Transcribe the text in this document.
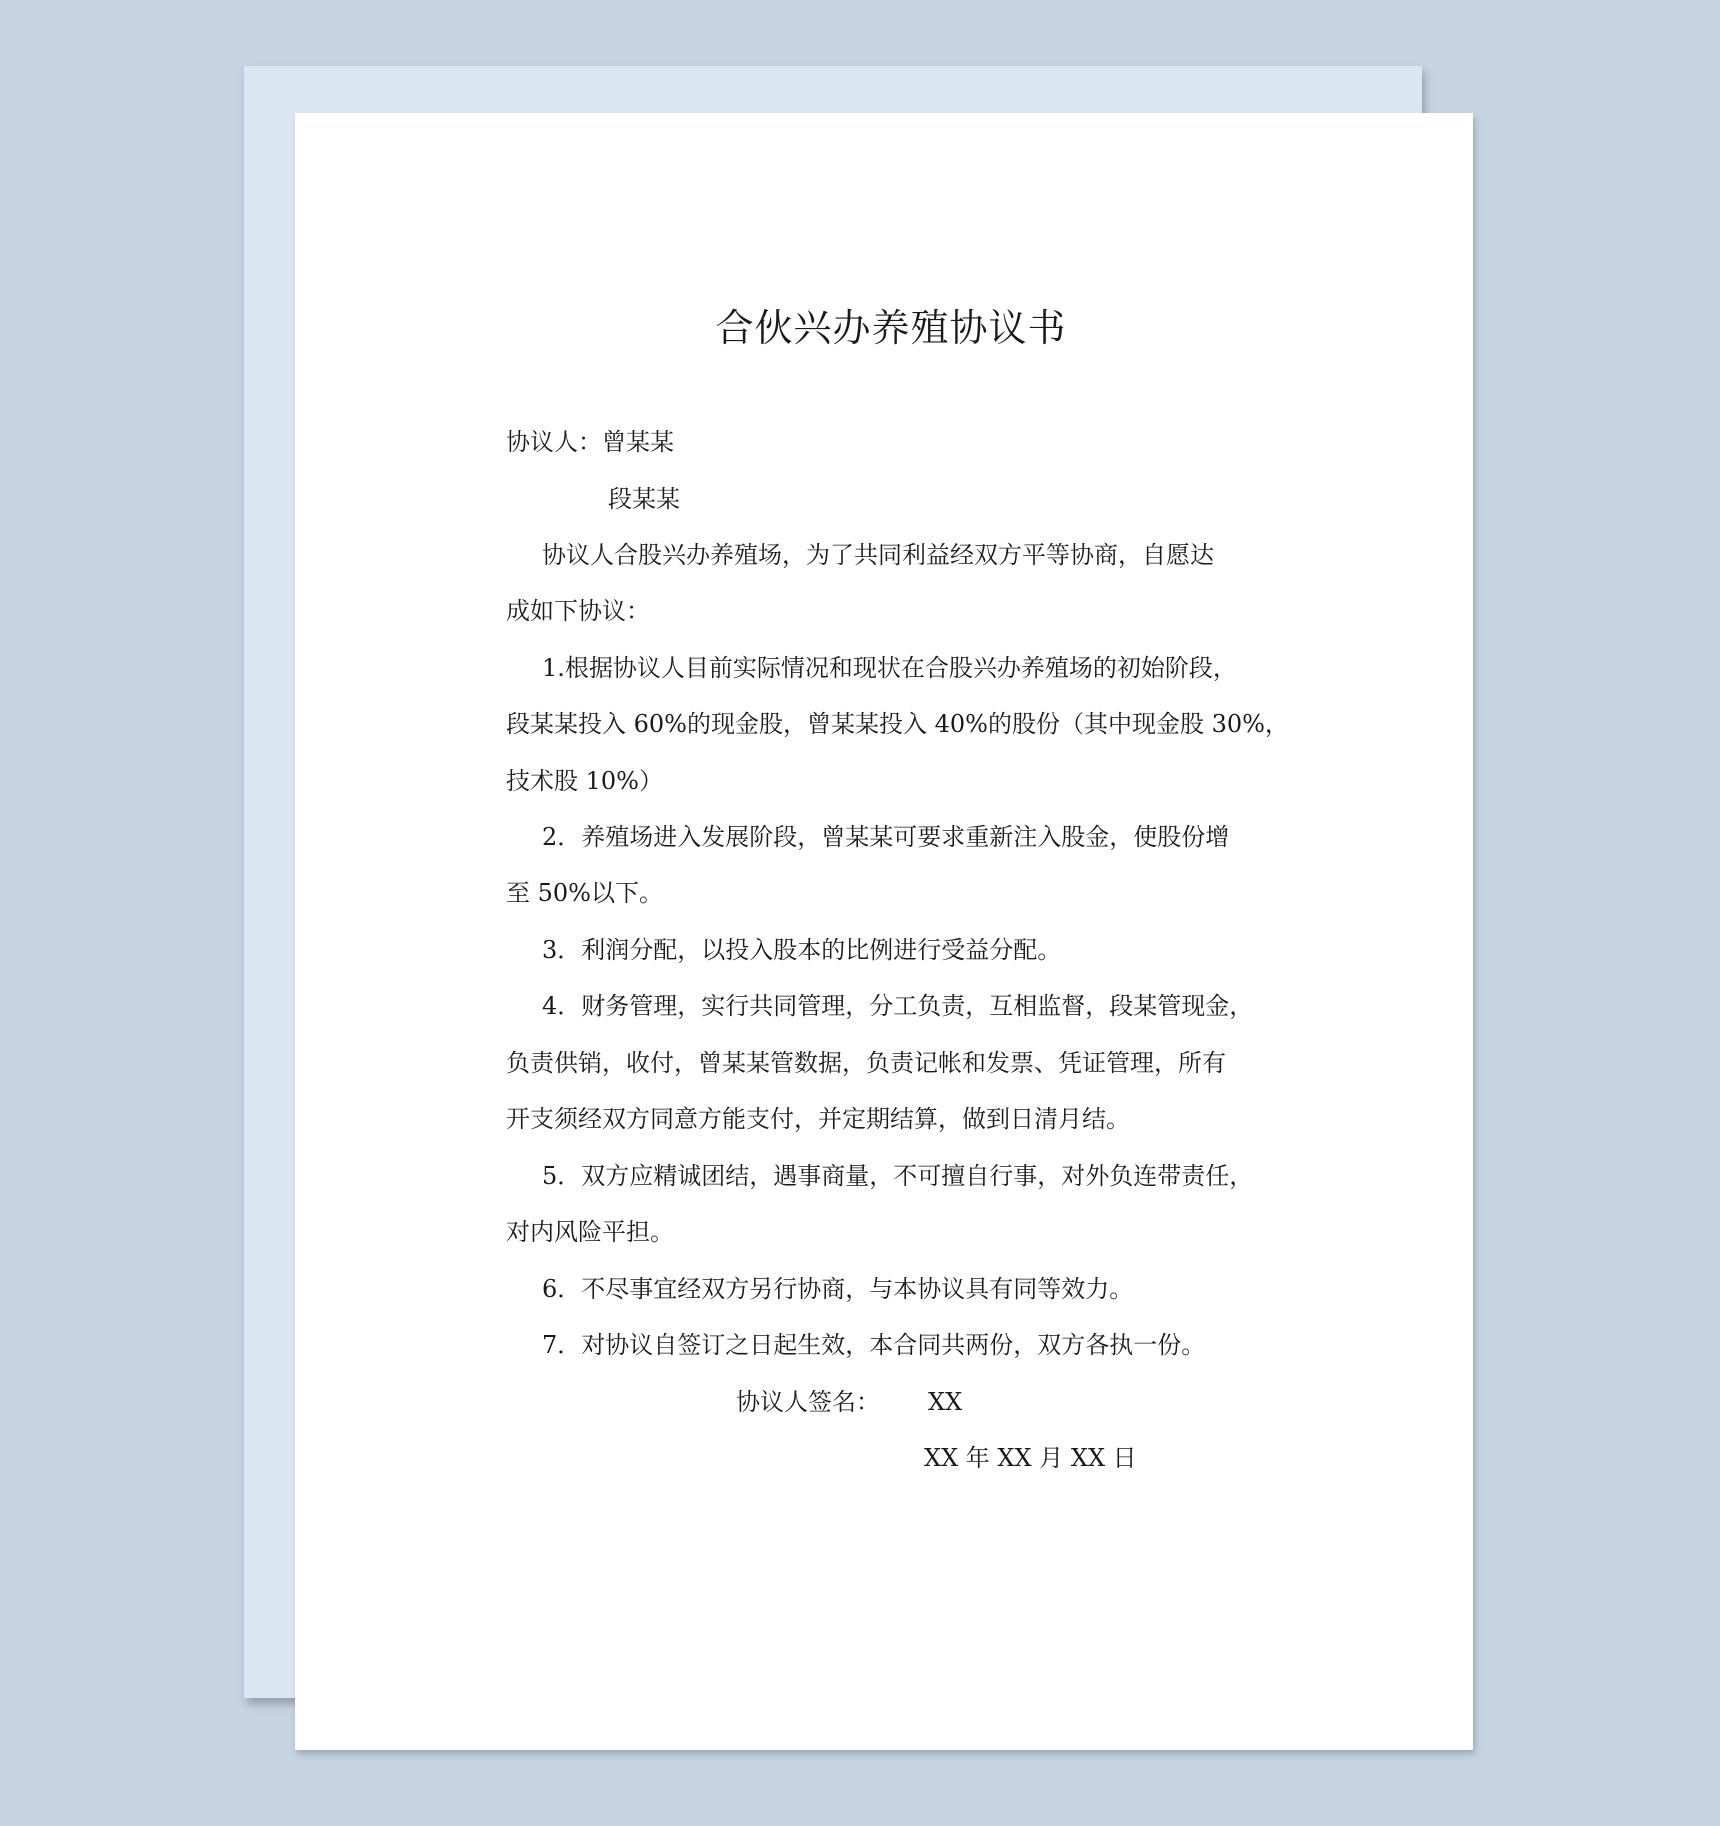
合伙兴办养殖协议书

协议人：曾某某

段某某

协议人合股兴办养殖场，为了共同利益经双方平等协商，自愿达

成如下协议：

1.根据协议人目前实际情况和现状在合股兴办养殖场的初始阶段，

段某某投入 60%的现金股，曾某某投入 40%的股份（其中现金股 30%，

技术股 10%）

2．养殖场进入发展阶段，曾某某可要求重新注入股金，使股份增

至 50%以下。

3．利润分配，以投入股本的比例进行受益分配。

4．财务管理，实行共同管理，分工负责，互相监督，段某管现金，

负责供销，收付，曾某某管数据，负责记帐和发票、凭证管理，所有

开支须经双方同意方能支付，并定期结算，做到日清月结。

5．双方应精诚团结，遇事商量，不可擅自行事，对外负连带责任，

对内风险平担。

6．不尽事宜经双方另行协商，与本协议具有同等效力。

7．对协议自签订之日起生效，本合同共两份，双方各执一份。

协议人签名： XX

XX 年 XX 月 XX 日
